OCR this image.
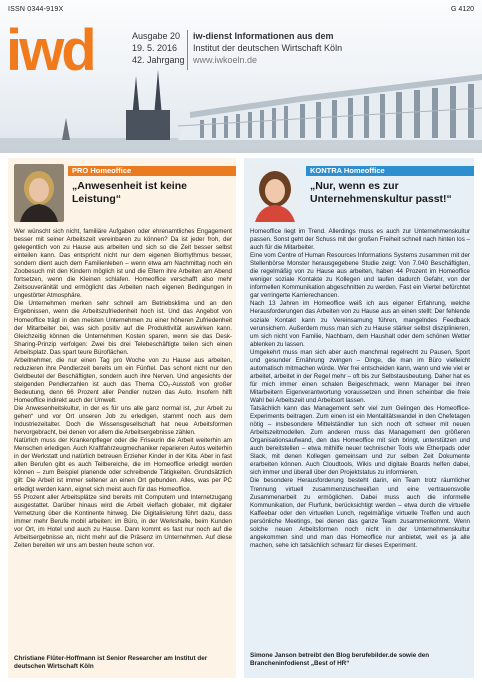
ISSN 0344-919X	G 4120
iwd	Ausgabe 20
19. 5. 2016
42. Jahrgang
iw-dienst Informationen aus dem
Institut der deutschen Wirtschaft Köln
www.iwkoeln.de
PRO Homeoffice
„Anwesenheit ist keine Leistung“

Wer wünscht sich nicht, familiäre Aufgaben oder ehrenamtliches Engagement besser mit seiner Arbeitszeit vereinbaren zu können? Da ist jeder froh, der gelegentlich von zu Hause aus arbeiten und sich so die Zeit besser selbst einteilen kann. Das entspricht nicht nur dem eigenen Biorhythmus besser, sondern dient auch dem Familienleben – wenn etwa am Nachmittag noch ein Zoobesuch mit den Kindern möglich ist und die Eltern ihre Arbeiten am Abend fortsetzen, wenn die Kleinen schlafen. Homeoffice verschafft also mehr Zeitsouveränität und ermöglicht das Arbeiten nach eigenen Bedingungen in ungestörter Atmosphäre.

Die Unternehmen merken sehr schnell am Betriebsklima und an den Ergebnissen, wenn die Arbeitszufriedenheit hoch ist. Und das Angebot von Homeoffice trägt in den meisten Unternehmen zu einer höheren Zufriedenheit der Mitarbeiter bei, was sich positiv auf die Produktivität auswirken kann. Gleichzeitig können die Unternehmen Kosten sparen, wenn sie das Desk-Sharing-Prinzip verfolgen: Zwei bis drei Telebeschäftigte teilen sich einen Arbeitsplatz. Das spart teure Büroflächen.

Arbeitnehmer, die nur einen Tag pro Woche von zu Hause aus arbeiten, reduzieren ihre Pendlerzeit bereits um ein Fünftel. Das schont nicht nur den Geldbeutel der Beschäftigten, sondern auch ihre Nerven. Und angesichts der steigenden Pendlerzahlen ist auch das Thema CO₂-Ausstoß von großer Bedeutung, denn 66 Prozent aller Pendler nutzen das Auto. Insofern hilft Homeoffice indirekt auch der Umwelt.

Die Anwesenheitskultur, in der es für uns alle ganz normal ist, „zur Arbeit zu gehen“ und vor Ort unseren Job zu erledigen, stammt noch aus dem Industriezeitalter. Doch die Wissensgesellschaft hat neue Arbeitsformen hervorgebracht, bei denen vor allem die Arbeitsergebnisse zählen.

Natürlich muss der Krankenpfleger oder die Friseurin die Arbeit weiterhin am Menschen erledigen. Auch Kraftfahrzeugmechaniker reparieren Autos weiterhin in der Werkstatt und natürlich betreuen Erzieher Kinder in der Kita. Aber in fast allen Berufen gibt es auch Teilbereiche, die im Homeoffice erledigt werden können – zum Beispiel planende oder schreibende Tätigkeiten. Grundsätzlich gilt: Die Arbeit ist immer seltener an einen Ort gebunden. Alles, was per PC erledigt werden kann, eignet sich meist auch für das Homeoffice.

55 Prozent aller Arbeitsplätze sind bereits mit Computern und Internetzugang ausgestattet. Darüber hinaus wird die Arbeit vielfach globaler, mit digitaler Vernetzung über die Kontinente hinweg. Die Digitalisierung führt dazu, dass immer mehr Berufe mobil arbeiten: im Büro, in der Werkshalle, beim Kunden vor Ort, im Hotel und auch zu Hause. Dann kommt es fast nur noch auf die Arbeitsergebnisse an, nicht mehr auf die Präsenz im Unternehmen. Auf diese Zeiten bereiten wir uns am besten heute schon vor.

Christiane Flüter-Hoffmann ist Senior Researcher am Institut der deutschen Wirtschaft Köln
KONTRA Homeoffice
„Nur, wenn es zur Unternehmenskultur passt!“

Homeoffice liegt im Trend. Allerdings muss es auch zur Unternehmenskultur passen. Sonst geht der Schuss mit der großen Freiheit schnell nach hinten los – auch für die Mitarbeiter.

Eine vom Centre of Human Resources Informations Systems zusammen mit der Stellenbörse Monster herausgegebene Studie zeigt: Von 7.040 Beschäftigten, die regelmäßig von zu Hause aus arbeiten, haben 44 Prozent im Homeoffice weniger soziale Kontakte zu Kollegen und laufen dadurch Gefahr, von der informellen Kommunikation abgeschnitten zu werden. Fast ein Viertel befürchtet gar verringerte Karrierechancen.

Nach 13 Jahren im Homeoffice weiß ich aus eigener Erfahrung, welche Herausforderungen das Arbeiten von zu Hause aus an einen stellt: Der fehlende soziale Kontakt kann zu Vereinsamung führen, mangelndes Feedback verunsichern. Außerdem muss man sich zu Hause stärker selbst disziplinieren, um sich nicht von Familie, Nachbarn, dem Haushalt oder dem schönen Wetter ablenken zu lassen.

Umgekehrt muss man sich aber auch manchmal regelrecht zu Pausen, Sport und gesunder Ernährung zwingen – Dinge, die man im Büro vielleicht automatisch mitmachen würde. Wer frei entscheiden kann, wann und wie viel er arbeitet, arbeitet in der Regel mehr – oft bis zur Selbstausbeutung. Daher hat es für mich immer einen schalen Beigeschmack, wenn Manager bei ihren Mitarbeitern Eigenverantwortung voraussetzen und ihnen scheinbar die freie Wahl bei Arbeitszeit und Arbeitsort lassen.

Tatsächlich kann das Management sehr viel zum Gelingen des Homeoffice-Experiments beitragen. Zum einen ist ein Mentalitätswandel in den Chefetagen nötig – insbesondere Mittelständler tun sich noch oft schwer mit neuen Arbeitszeitmodellen. Zum anderen muss das Management den größeren Organisationsaufwand, den das Homeoffice mit sich bringt, unterstützen und auch bereitstellen – etwa mithilfe neuer technischer Tools wie Etherpads oder Slack, mit denen Kollegen gemeinsam und zur selben Zeit Dokumente erarbeiten können. Auch Cloudtools, Wikis und digitale Boards helfen dabei, sich immer und überall über den Projektstatus zu informieren.

Die besondere Herausforderung besteht darin, ein Team trotz räumlicher Trennung virtuell zusammenzuschweißen und eine vertrauensvolle Zusammenarbeit zu ermöglichen. Dabei muss auch die informelle Kommunikation, der Flurfunk, berücksichtigt werden – etwa durch die virtuelle Kaffeebar oder den virtuellen Lunch, regelmäßige virtuelle Treffen und auch persönliche Meetings, bei denen das ganze Team zusammenkommt. Wenn solche neuen Arbeitsformen noch nicht in der Unternehmenskultur angekommen sind und man das Homeoffice nur anbietet, weil es ja alle machen, sehe ich tatsächlich schwarz für dieses Experiment.

Simone Janson betreibt den Blog berufebilder.de sowie den Brancheninfodienst „Best of HR“
